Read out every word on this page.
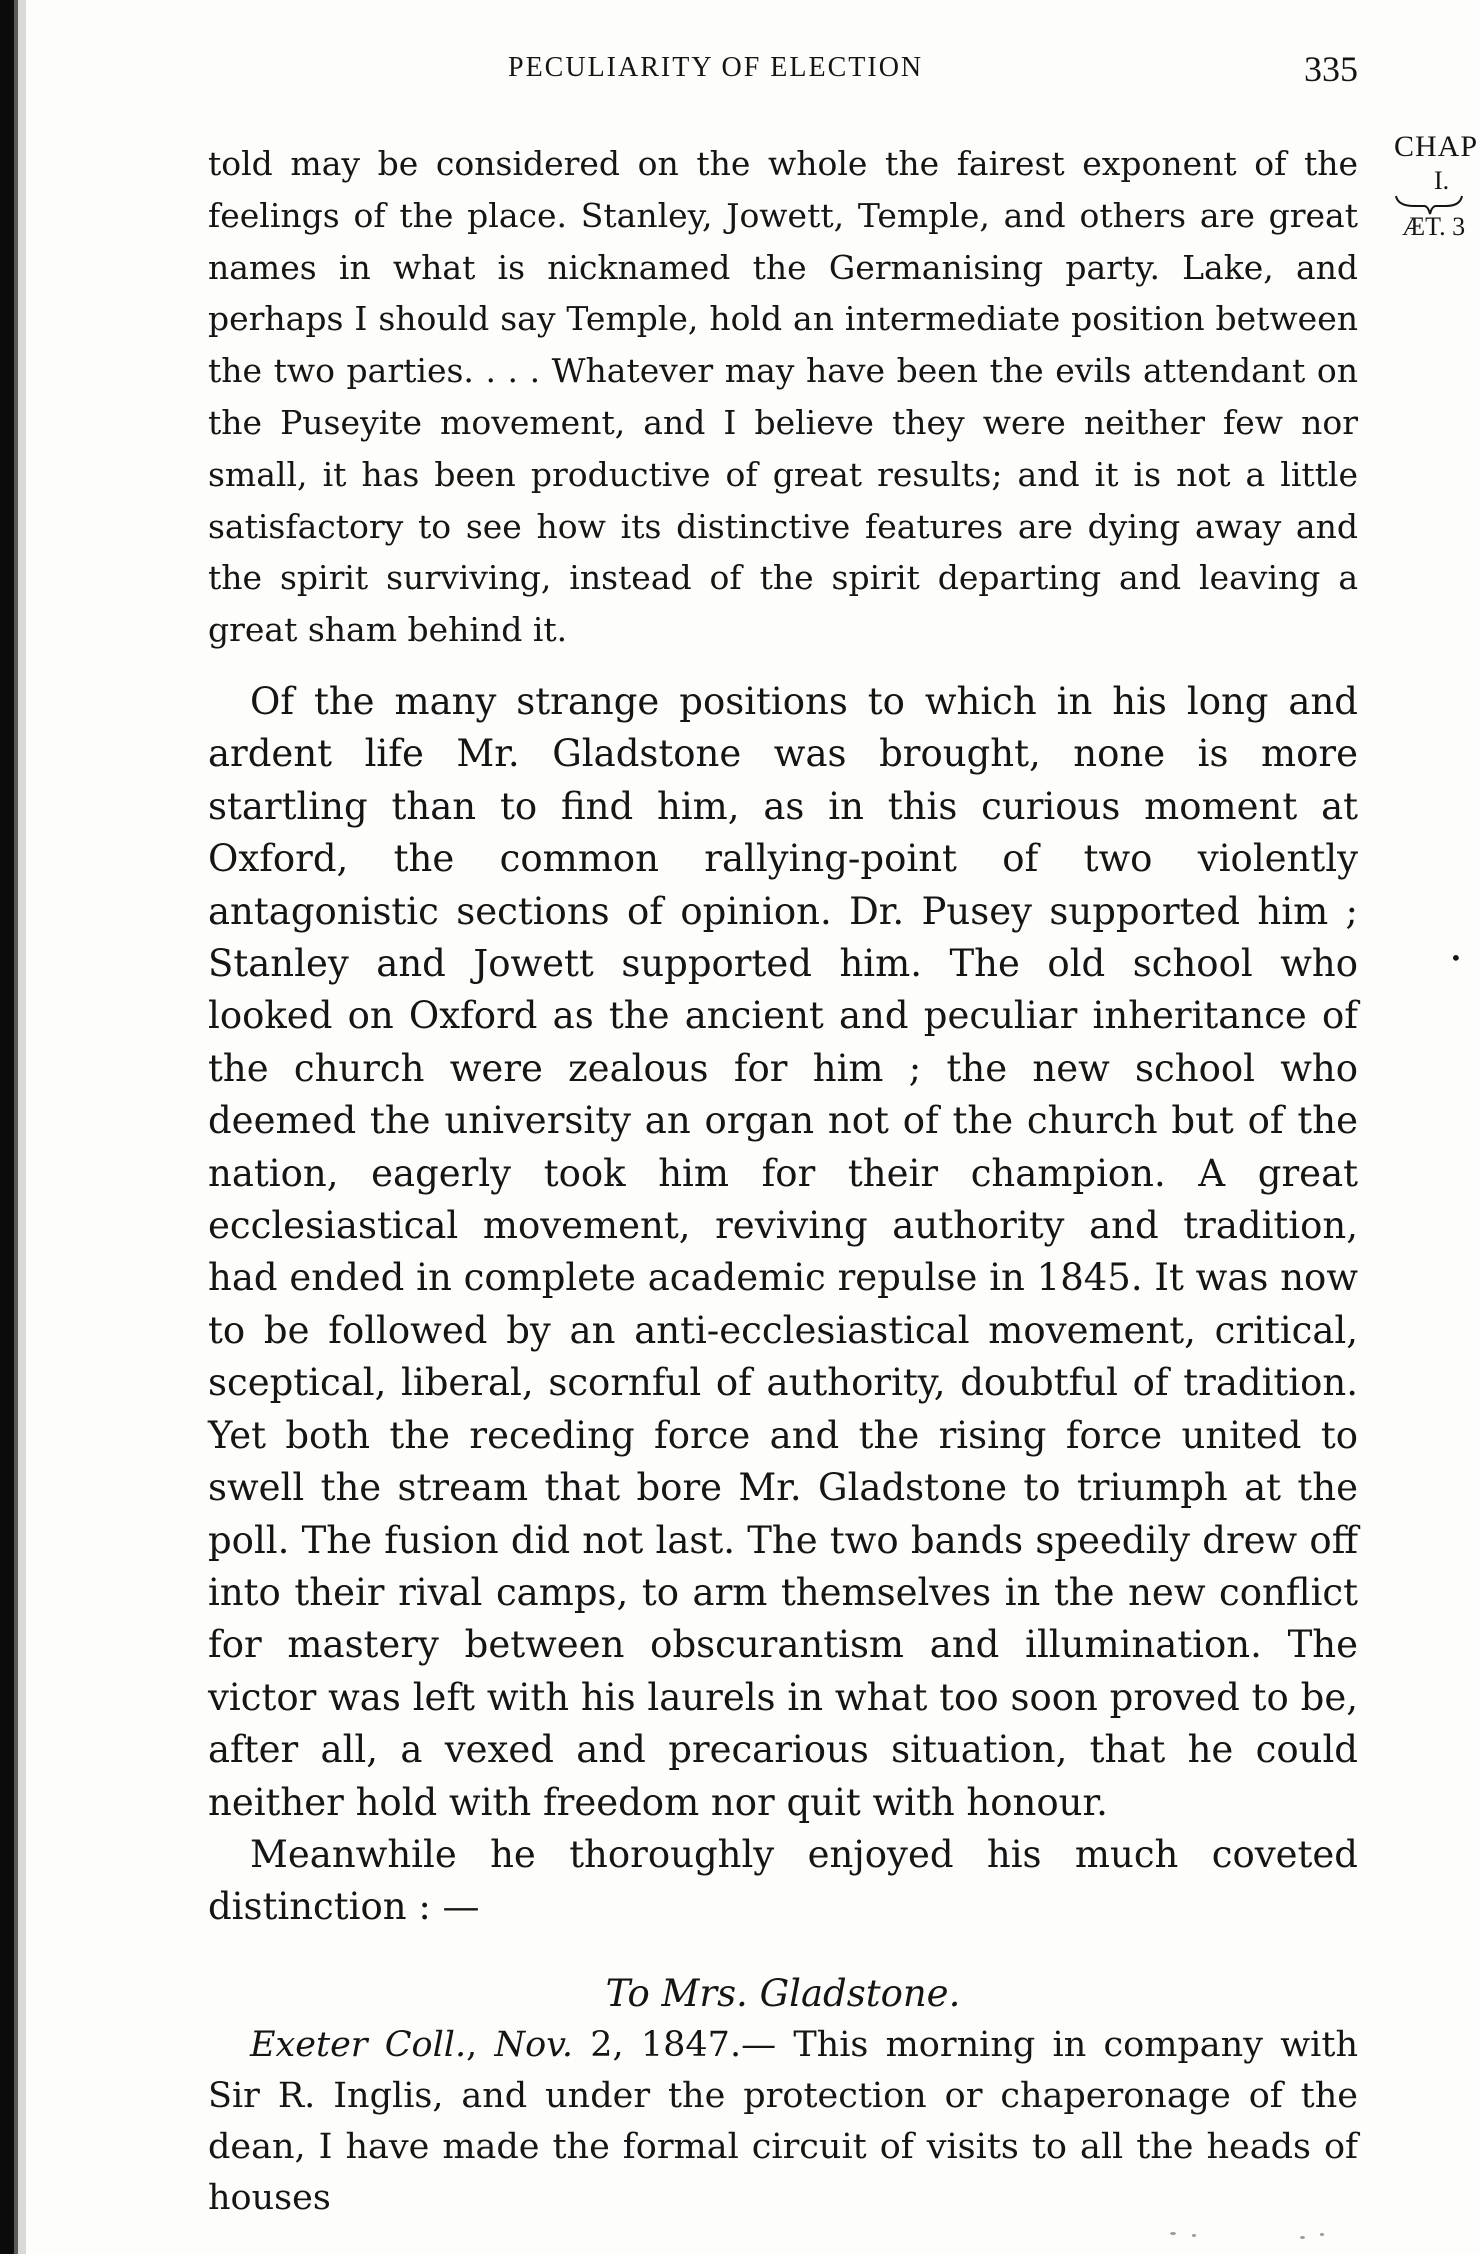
PECULIARITY OF ELECTION	335
CHAP
I.
ÆT. 3
•

told may be considered on the whole the fairest exponent of the feelings of the place. Stanley, Jowett, Temple, and others are great names in what is nicknamed the Germanising party. Lake, and perhaps I should say Temple, hold an intermediate position between the two parties. . . . Whatever may have been the evils attendant on the Puseyite movement, and I believe they were neither few nor small, it has been productive of great results; and it is not a little satisfactory to see how its distinctive features are dying away and the spirit surviving, instead of the spirit departing and leaving a great sham behind it.

Of the many strange positions to which in his long and ardent life Mr. Gladstone was brought, none is more startling than to find him, as in this curious moment at Oxford, the common rallying-point of two violently antagonistic sections of opinion. Dr. Pusey supported him ; Stanley and Jowett supported him. The old school who looked on Oxford as the ancient and peculiar inheritance of the church were zealous for him ; the new school who deemed the university an organ not of the church but of the nation, eagerly took him for their champion. A great ecclesiastical movement, reviving authority and tradition, had ended in complete academic repulse in 1845. It was now to be followed by an anti-ecclesiastical movement, critical, sceptical, liberal, scornful of authority, doubtful of tradition. Yet both the receding force and the rising force united to swell the stream that bore Mr. Gladstone to triumph at the poll. The fusion did not last. The two bands speedily drew off into their rival camps, to arm themselves in the new conflict for mastery between obscurantism and illumination. The victor was left with his laurels in what too soon proved to be, after all, a vexed and precarious situation, that he could neither hold with freedom nor quit with honour.

Meanwhile he thoroughly enjoyed his much coveted distinction : —

To Mrs. Gladstone.

Exeter Coll., Nov. 2, 1847.— This morning in company with Sir R. Inglis, and under the protection or chaperonage of the dean, I have made the formal circuit of visits to all the heads of houses
